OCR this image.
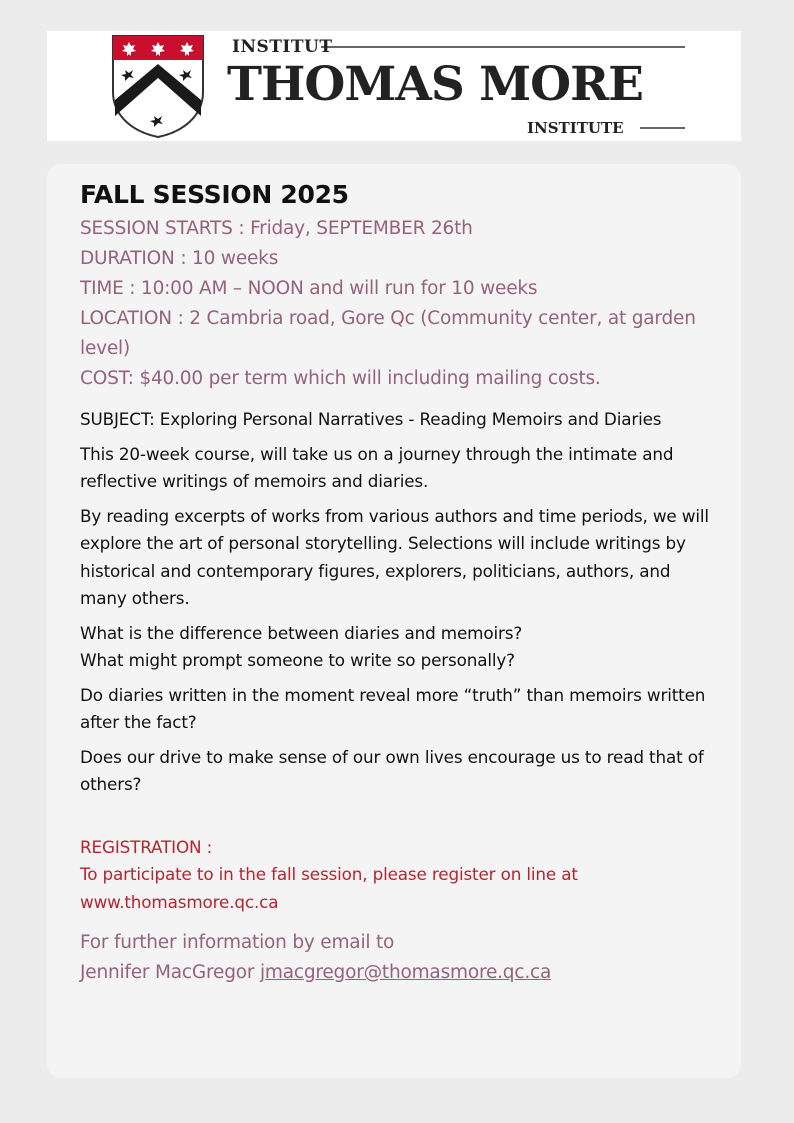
INSTITUT
THOMAS MORE
INSTITUTE
FALL SESSION 2025
SESSION STARTS : Friday, SEPTEMBER 26th
DURATION : 10 weeks
TIME : 10:00 AM – NOON and will run for 10 weeks
LOCATION : 2 Cambria road, Gore Qc (Community center, at garden level)
COST: $40.00 per term which will including mailing costs.

SUBJECT: Exploring Personal Narratives - Reading Memoirs and Diaries

This 20-week course, will take us on a journey through the intimate and reflective writings of memoirs and diaries.

By reading excerpts of works from various authors and time periods, we will explore the art of personal storytelling. Selections will include writings by historical and contemporary figures, explorers, politicians, authors, and many others.

What is the difference between diaries and memoirs?
What might prompt someone to write so personally?

Do diaries written in the moment reveal more “truth” than memoirs written after the fact?

Does our drive to make sense of our own lives encourage us to read that of others?

REGISTRATION :
To participate to in the fall session, please register on line at
www.thomasmore.qc.ca
For further information by email to
Jennifer MacGregor jmacgregor@thomasmore.qc.ca
